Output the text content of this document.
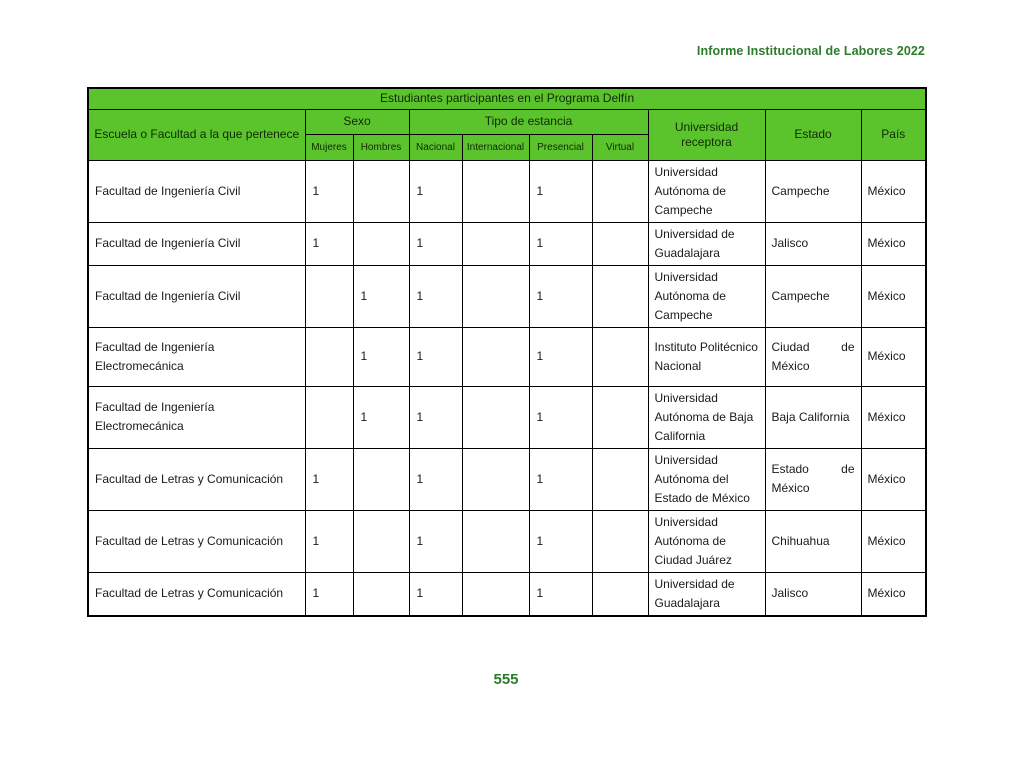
Informe Institucional de Labores 2022
Estudiantes participantes en el Programa Delfín									
Escuela o Facultad a la que pertenece	Sexo		Tipo de estancia				Universidad receptora	Estado	País
	Mujeres	Hombres	Nacional	Internacional	Presencial	Virtual			
Facultad de Ingeniería Civil	1		1		1		Universidad Autónoma de Campeche	Campeche	México
Facultad de Ingeniería Civil	1		1		1		Universidad de Guadalajara	Jalisco	México
Facultad de Ingeniería Civil		1	1		1		Universidad Autónoma de Campeche	Campeche	México
Facultad de Ingeniería Electromecánica		1	1		1		Instituto Politécnico Nacional	Ciudad de México	México
Facultad de Ingeniería Electromecánica		1	1		1		Universidad Autónoma de Baja California	Baja California	México
Facultad de Letras y Comunicación	1		1		1		Universidad Autónoma del Estado de México	Estado de México	México
Facultad de Letras y Comunicación	1		1		1		Universidad Autónoma de Ciudad Juárez	Chihuahua	México
Facultad de Letras y Comunicación	1		1		1		Universidad de Guadalajara	Jalisco	México
555
